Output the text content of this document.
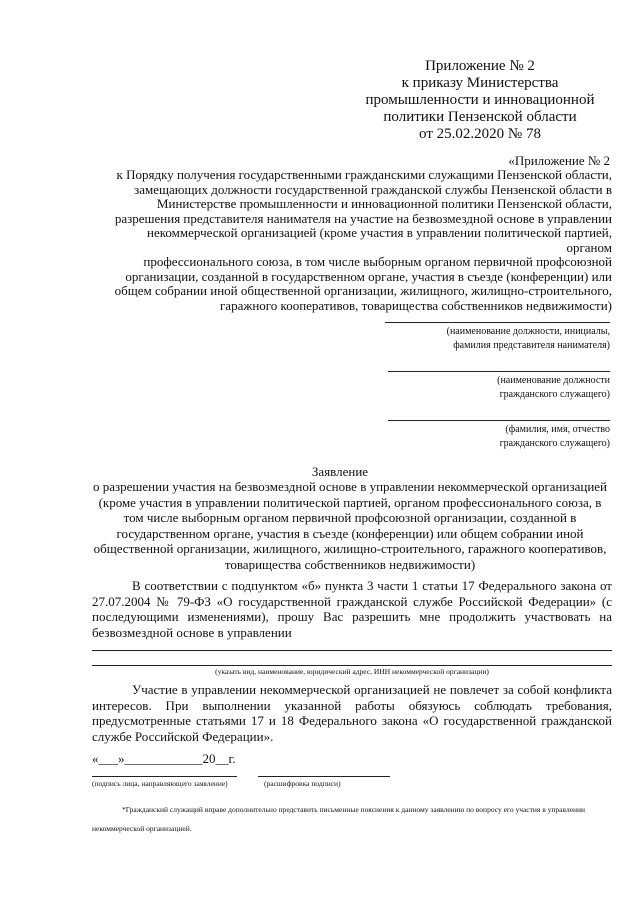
Приложение № 2
к приказу Министерства
промышленности и инновационной
политики Пензенской области
от 25.02.2020 № 78
«Приложение № 2
к Порядку получения государственными гражданскими служащими Пензенской области,
замещающих должности государственной гражданской службы Пензенской области в
Министерстве промышленности и инновационной политики Пензенской области,
разрешения представителя нанимателя на участие на безвозмездной основе в управлении
некоммерческой организацией (кроме участия в управлении политической партией, органом
профессионального союза, в том числе выборным органом первичной профсоюзной
организации, созданной в государственном органе, участия в съезде (конференции) или
общем собрании иной общественной организации, жилищного, жилищно-строительного,
гаражного кооперативов, товарищества собственников недвижимости)
(наименование должности, инициалы,
фамилия представителя нанимателя)
(наименование должности
гражданского служащего)
(фамилия, имя, отчество
гражданского служащего)
Заявление
о разрешении участия на безвозмездной основе в управлении некоммерческой организацией
(кроме участия в управлении политической партией, органом профессионального союза, в
том числе выборным органом первичной профсоюзной организации, созданной в
государственном органе, участия в съезде (конференции) или общем собрании иной
общественной организации, жилищного, жилищно-строительного, гаражного кооперативов,
товарищества собственников недвижимости)
В соответствии с подпунктом «б» пункта 3 части 1 статьи 17 Федерального закона от 27.07.2004 № 79-ФЗ «О государственной гражданской службе Российской Федерации» (с последующими изменениями), прошу Вас разрешить мне продолжить участвовать на безвозмездной основе в управлении
(указать вид, наименование, юридический адрес, ИНН некоммерческой организации)
Участие в управлении некоммерческой организацией не повлечет за собой конфликта интересов. При выполнении указанной работы обязуюсь соблюдать требования, предусмотренные статьями 17 и 18 Федерального закона «О государственной гражданской службе Российской Федерации».
«___»____________20__г.
(подпись лица, направляющего заявление)	(расшифровка подписи)
*Гражданский служащий вправе дополнительно представить письменные пояснения к данному заявлению по вопросу его участия в управлении некоммерческой организацией.
